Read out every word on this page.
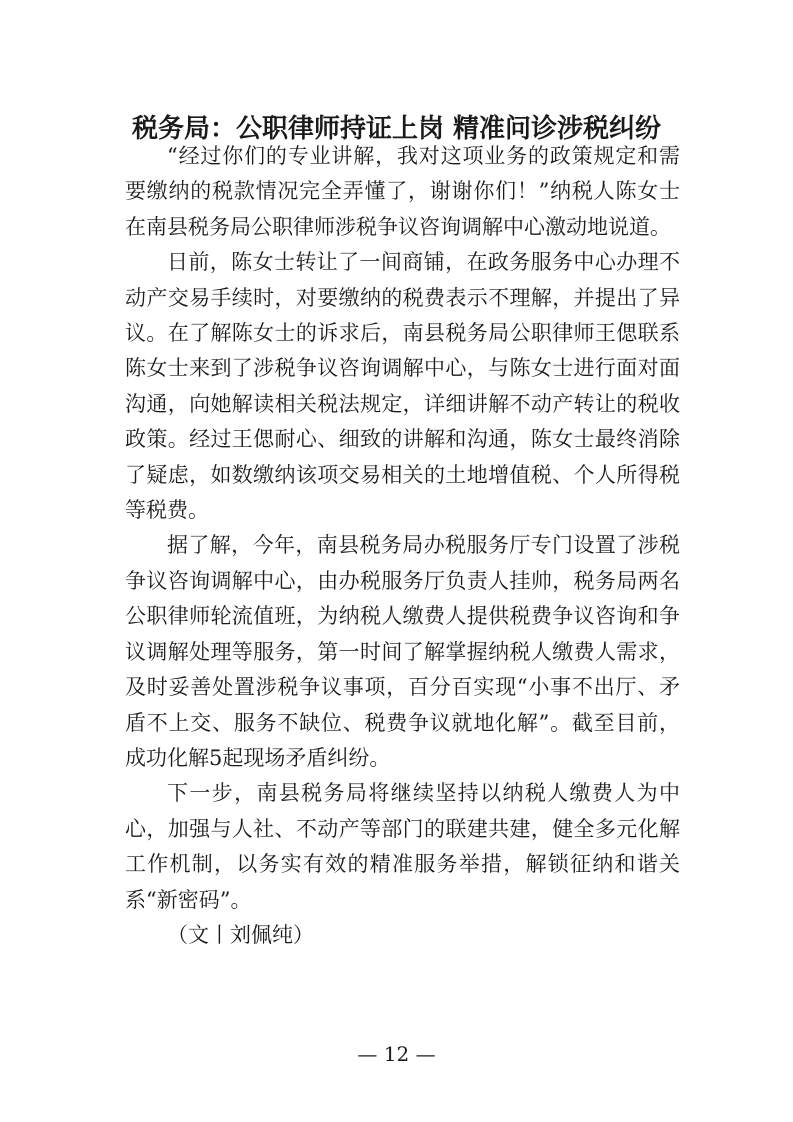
税务局：公职律师持证上岗 精准问诊涉税纠纷

“经过你们的专业讲解，我对这项业务的政策规定和需要缴纳的税款情况完全弄懂了，谢谢你们！”纳税人陈女士在南县税务局公职律师涉税争议咨询调解中心激动地说道。

日前，陈女士转让了一间商铺，在政务服务中心办理不动产交易手续时，对要缴纳的税费表示不理解，并提出了异议。在了解陈女士的诉求后，南县税务局公职律师王偲联系陈女士来到了涉税争议咨询调解中心，与陈女士进行面对面沟通，向她解读相关税法规定，详细讲解不动产转让的税收政策。经过王偲耐心、细致的讲解和沟通，陈女士最终消除了疑虑，如数缴纳该项交易相关的土地增值税、个人所得税等税费。

据了解，今年，南县税务局办税服务厅专门设置了涉税争议咨询调解中心，由办税服务厅负责人挂帅，税务局两名公职律师轮流值班，为纳税人缴费人提供税费争议咨询和争议调解处理等服务，第一时间了解掌握纳税人缴费人需求，及时妥善处置涉税争议事项，百分百实现“小事不出厅、矛盾不上交、服务不缺位、税费争议就地化解”。截至目前，成功化解5起现场矛盾纠纷。

下一步，南县税务局将继续坚持以纳税人缴费人为中心，加强与人社、不动产等部门的联建共建，健全多元化解工作机制，以务实有效的精准服务举措，解锁征纳和谐关系“新密码”。

（文丨刘佩纯）

— 12 —
